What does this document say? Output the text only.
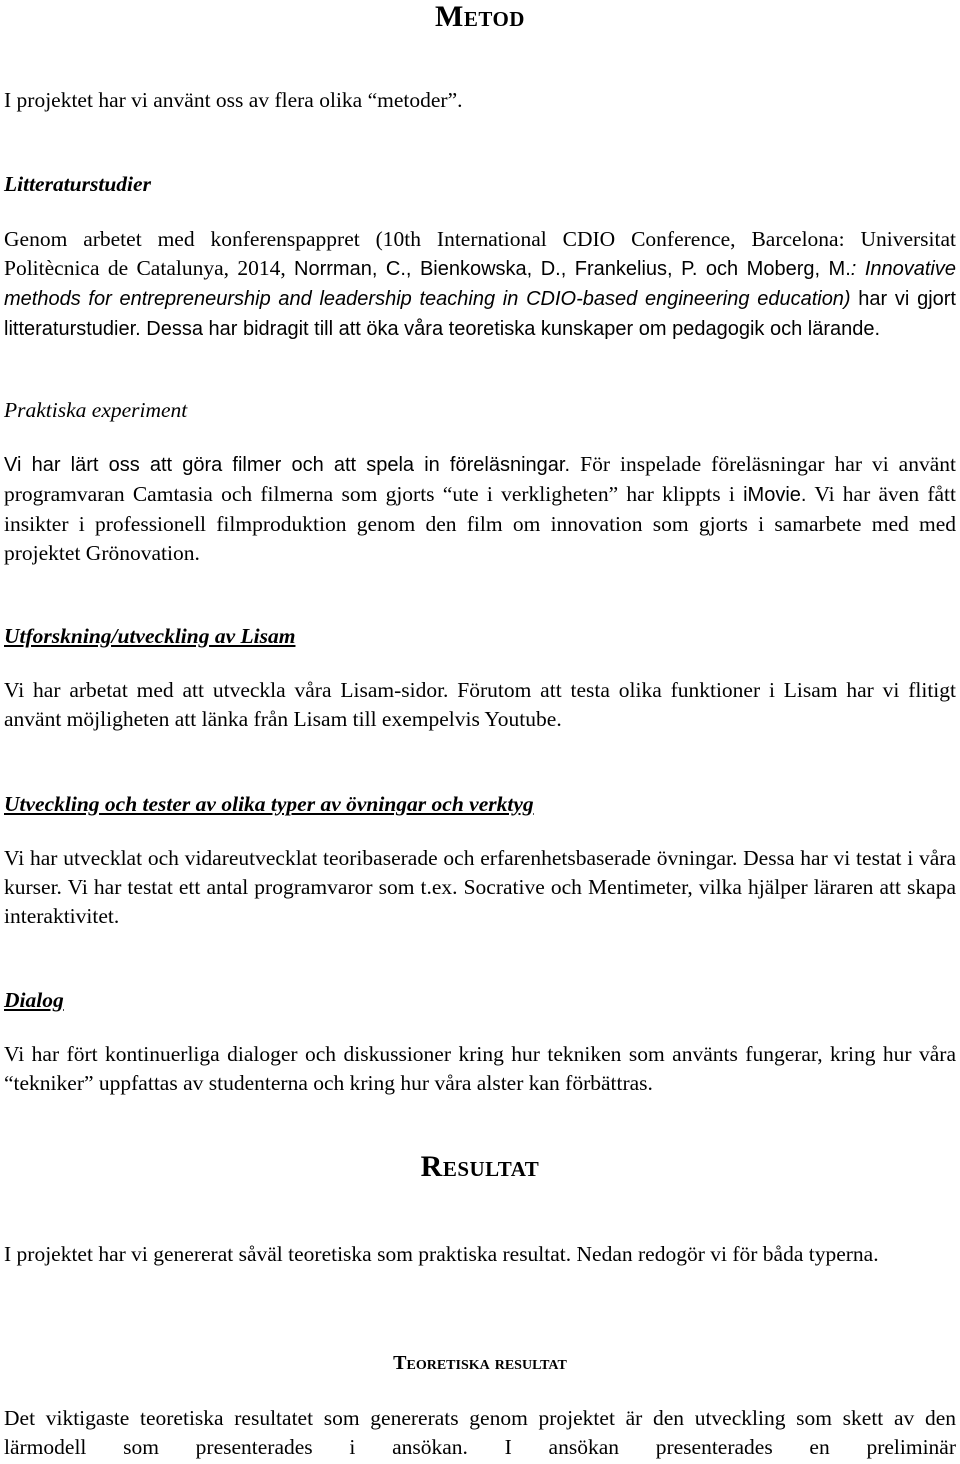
Metod

I projektet har vi använt oss av flera olika “metoder”.

Litteraturstudier

Genom arbetet med konferenspappret (10th International CDIO Conference, Barcelona: Universitat Politècnica de Catalunya, 2014, Norrman, C., Bienkowska, D., Frankelius, P. och Moberg, M.: Innovative methods for entrepreneurship and leadership teaching in CDIO-based engineering education) har vi gjort litteraturstudier. Dessa har bidragit till att öka våra teoretiska kunskaper om pedagogik och lärande.

Praktiska experiment

Vi har lärt oss att göra filmer och att spela in föreläsningar. För inspelade föreläsningar har vi använt programvaran Camtasia och filmerna som gjorts “ute i verkligheten” har klippts i iMovie. Vi har även fått insikter i professionell filmproduktion genom den film om innovation som gjorts i samarbete med med projektet Grönovation.

Utforskning/utveckling av Lisam

Vi har arbetat med att utveckla våra Lisam-sidor. Förutom att testa olika funktioner i Lisam har vi flitigt använt möjligheten att länka från Lisam till exempelvis Youtube.

Utveckling och tester av olika typer av övningar och verktyg

Vi har utvecklat och vidareutvecklat teoribaserade och erfarenhetsbaserade övningar. Dessa har vi testat i våra kurser. Vi har testat ett antal programvaror som t.ex. Socrative och Mentimeter, vilka hjälper läraren att skapa interaktivitet.

Dialog

Vi har fört kontinuerliga dialoger och diskussioner kring hur tekniken som använts fungerar, kring hur våra “tekniker” uppfattas av studenterna och kring hur våra alster kan förbättras.

Resultat

I projektet har vi genererat såväl teoretiska som praktiska resultat. Nedan redogör vi för båda typerna.

Teoretiska resultat

Det viktigaste teoretiska resultatet som genererats genom projektet är den utveckling som skett av den lärmodell som presenterades i ansökan. I ansökan presenterades en preliminär
